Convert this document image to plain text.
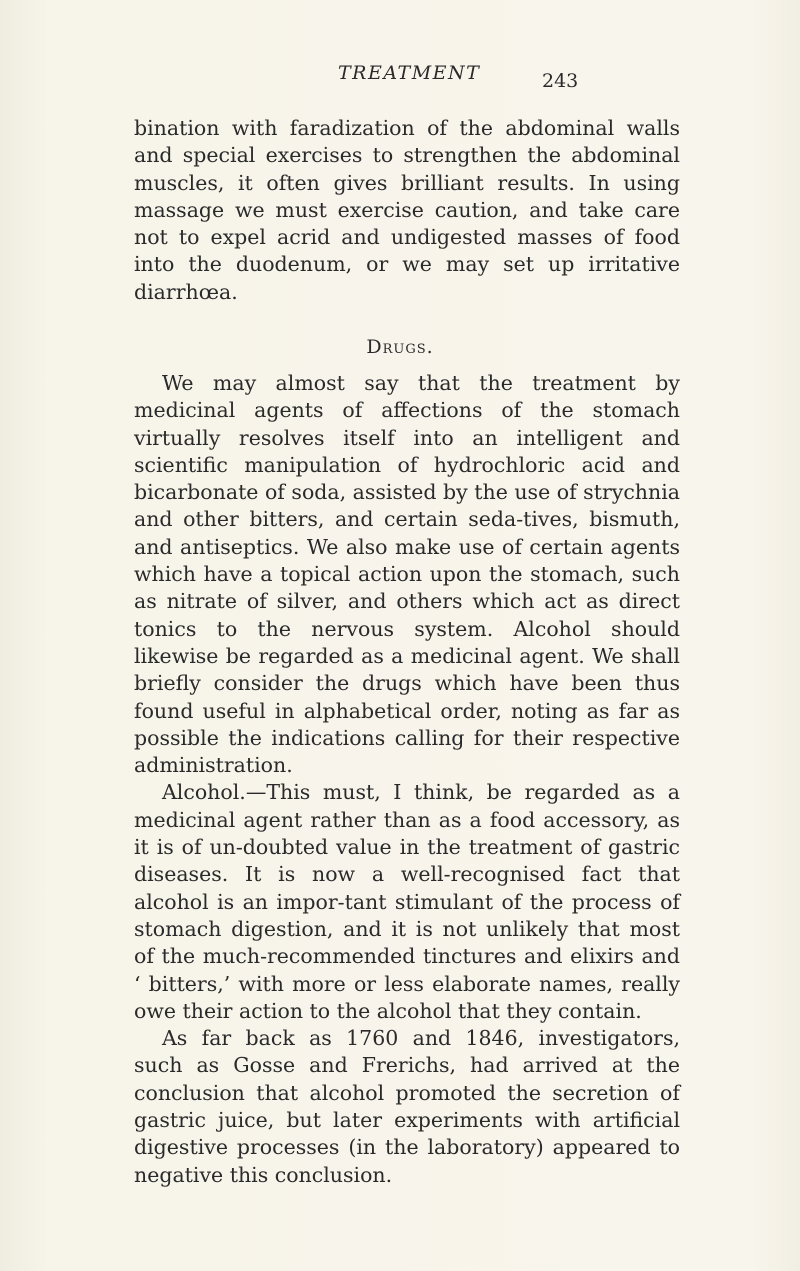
TREATMENT	243

bination with faradization of the abdominal walls and special exercises to strengthen the abdominal muscles, it often gives brilliant results. In using massage we must exercise caution, and take care not to expel acrid and undigested masses of food into the duodenum, or we may set up irritative diarrhœa.

Drugs.

We may almost say that the treatment by medicinal agents of affections of the stomach virtually resolves itself into an intelligent and scientific manipulation of hydrochloric acid and bicarbonate of soda, assisted by the use of strychnia and other bitters, and certain seda-tives, bismuth, and antiseptics. We also make use of certain agents which have a topical action upon the stomach, such as nitrate of silver, and others which act as direct tonics to the nervous system. Alcohol should likewise be regarded as a medicinal agent. We shall briefly consider the drugs which have been thus found useful in alphabetical order, noting as far as possible the indications calling for their respective administration.

Alcohol.—This must, I think, be regarded as a medicinal agent rather than as a food accessory, as it is of un-doubted value in the treatment of gastric diseases. It is now a well-recognised fact that alcohol is an impor-tant stimulant of the process of stomach digestion, and it is not unlikely that most of the much-recommended tinctures and elixirs and ‘ bitters,’ with more or less elaborate names, really owe their action to the alcohol that they contain.

As far back as 1760 and 1846, investigators, such as Gosse and Frerichs, had arrived at the conclusion that alcohol promoted the secretion of gastric juice, but later experiments with artificial digestive processes (in the laboratory) appeared to negative this conclusion.
